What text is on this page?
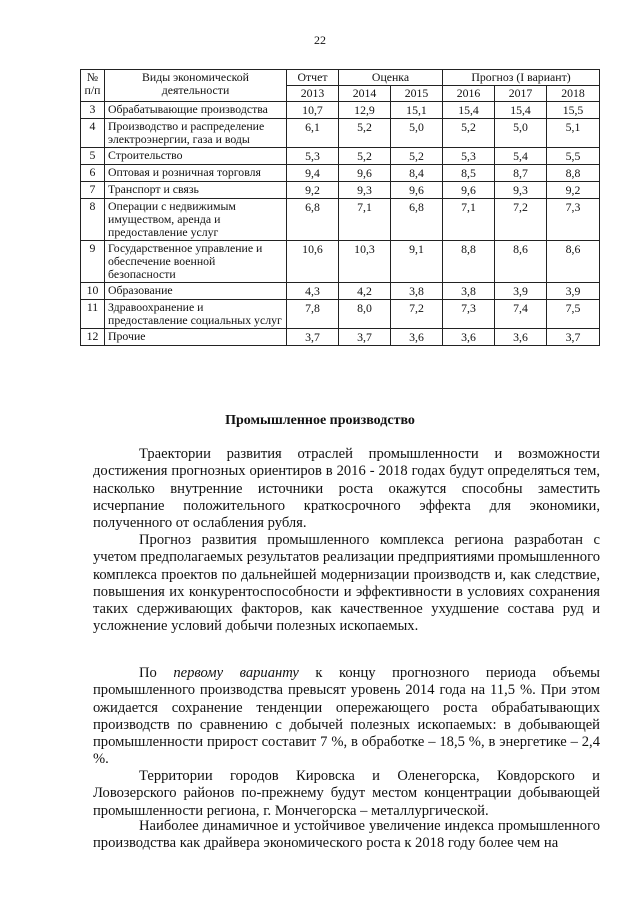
22
№ п/п	Виды экономической деятельности	Отчет	Оценка		Прогноз (I вариант)		
		2013	2014	2015	2016	2017	2018
3	Обрабатывающие производства	10,7	12,9	15,1	15,4	15,4	15,5
4	Производство и распределение электроэнергии, газа и воды	6,1	5,2	5,0	5,2	5,0	5,1
5	Строительство	5,3	5,2	5,2	5,3	5,4	5,5
6	Оптовая и розничная торговля	9,4	9,6	8,4	8,5	8,7	8,8
7	Транспорт и связь	9,2	9,3	9,6	9,6	9,3	9,2
8	Операции с недвижимым имуществом, аренда и предоставление услуг	6,8	7,1	6,8	7,1	7,2	7,3
9	Государственное управление и обеспечение военной безопасности	10,6	10,3	9,1	8,8	8,6	8,6
10	Образование	4,3	4,2	3,8	3,8	3,9	3,9
11	Здравоохранение и предоставление социальных услуг	7,8	8,0	7,2	7,3	7,4	7,5
12	Прочие	3,7	3,7	3,6	3,6	3,6	3,7
Промышленное производство

Траектории развития отраслей промышленности и возможности достижения прогнозных ориентиров в 2016 - 2018 годах будут определяться тем, насколько внутренние источники роста окажутся способны заместить исчерпание положительного краткосрочного эффекта для экономики, полученного от ослабления рубля.

Прогноз развития промышленного комплекса региона разработан с учетом предполагаемых результатов реализации предприятиями промышленного комплекса проектов по дальнейшей модернизации производств и, как следствие, повышения их конкурентоспособности и эффективности в условиях сохранения таких сдерживающих факторов, как качественное ухудшение состава руд и усложнение условий добычи полезных ископаемых.

По первому варианту к концу прогнозного периода объемы промышленного производства превысят уровень 2014 года на 11,5 %. При этом ожидается сохранение тенденции опережающего роста обрабатывающих производств по сравнению с добычей полезных ископаемых: в добывающей промышленности прирост составит 7 %, в обработке – 18,5 %, в энергетике – 2,4 %.

Территории городов Кировска и Оленегорска, Ковдорского и Ловозерского районов по-прежнему будут местом концентрации добывающей промышленности региона, г. Мончегорска – металлургической.

Наиболее динамичное и устойчивое увеличение индекса промышленного производства как драйвера экономического роста к 2018 году более чем на
